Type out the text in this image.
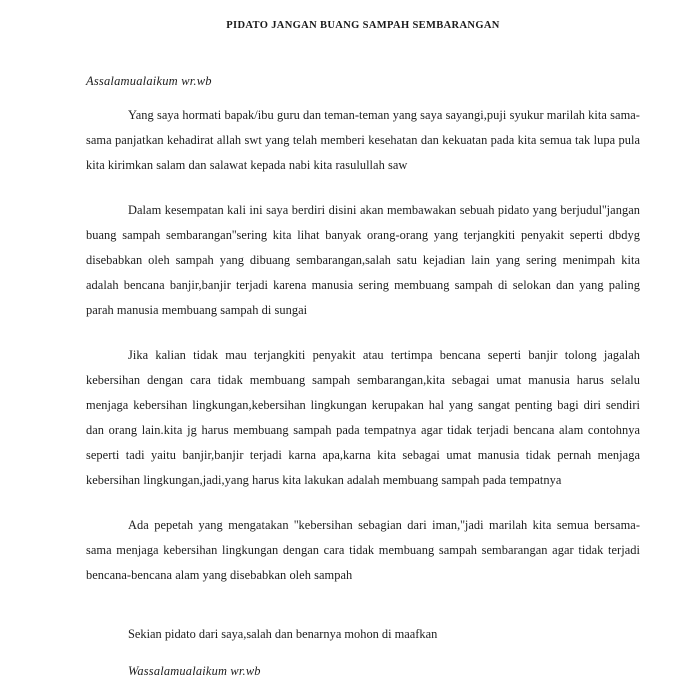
PIDATO JANGAN BUANG SAMPAH SEMBARANGAN

Assalamualaikum wr.wb

Yang saya hormati bapak/ibu guru dan teman-teman yang saya sayangi,puji syukur marilah kita sama-sama panjatkan kehadirat allah swt yang telah memberi kesehatan dan kekuatan pada kita semua tak lupa pula kita kirimkan salam dan salawat kepada nabi kita rasulullah saw

Dalam kesempatan kali ini saya berdiri disini akan membawakan sebuah pidato yang berjudul''jangan buang sampah sembarangan''sering kita lihat banyak orang-orang yang terjangkiti penyakit seperti dbdyg disebabkan oleh sampah yang dibuang sembarangan,salah satu kejadian lain yang sering menimpah kita adalah bencana banjir,banjir terjadi karena manusia sering membuang sampah di selokan dan yang paling parah manusia membuang sampah di sungai

Jika kalian tidak mau terjangkiti penyakit atau tertimpa bencana seperti banjir tolong jagalah kebersihan dengan cara tidak membuang sampah sembarangan,kita sebagai umat manusia harus selalu menjaga kebersihan lingkungan,kebersihan lingkungan kerupakan hal yang sangat penting bagi diri sendiri dan orang lain.kita jg harus membuang sampah pada tempatnya agar tidak terjadi bencana alam contohnya seperti tadi yaitu banjir,banjir terjadi karna apa,karna kita sebagai umat manusia tidak pernah menjaga kebersihan lingkungan,jadi,yang harus kita lakukan adalah membuang sampah pada tempatnya

Ada pepetah yang mengatakan ''kebersihan sebagian dari iman,''jadi marilah kita semua bersama-sama menjaga kebersihan lingkungan dengan cara tidak membuang sampah sembarangan agar tidak terjadi bencana-bencana alam yang disebabkan oleh sampah

Sekian pidato dari saya,salah dan benarnya mohon di maafkan

Wassalamualaikum wr.wb
